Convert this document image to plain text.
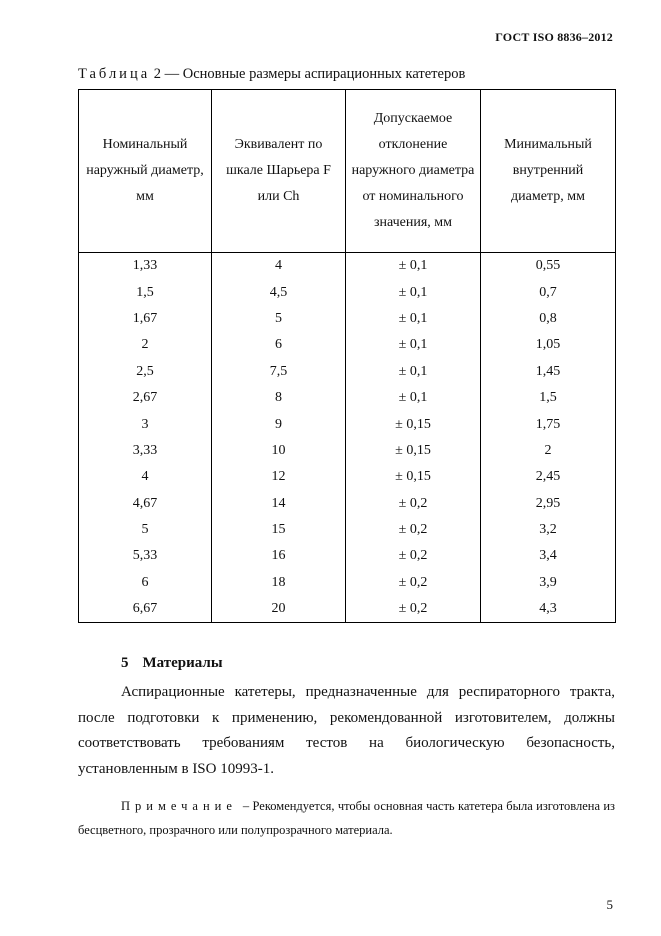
ГОСТ ISO 8836–2012
Таблица 2 — Основные размеры аспирационных катетеров
Номинальный наружный диаметр, мм	Эквивалент по шкале Шарьера F или Ch	Допускаемое отклонение наружного диаметра от номинального значения, мм	Минимальный внутренний диаметр, мм
1,33	4	± 0,1	0,55
1,5	4,5	± 0,1	0,7
1,67	5	± 0,1	0,8
2	6	± 0,1	1,05
2,5	7,5	± 0,1	1,45
2,67	8	± 0,1	1,5
3	9	± 0,15	1,75
3,33	10	± 0,15	2
4	12	± 0,15	2,45
4,67	14	± 0,2	2,95
5	15	± 0,2	3,2
5,33	16	± 0,2	3,4
6	18	± 0,2	3,9
6,67	20	± 0,2	4,3
5 Материалы
Аспирационные катетеры, предназначенные для респираторного тракта, после подготовки к применению, рекомендованной изготовителем, должны соответствовать требованиям тестов на биологическую безопасность, установленным в ISO 10993-1.
Примечание – Рекомендуется, чтобы основная часть катетера была изготовлена из бесцветного, прозрачного или полупрозрачного материала.
5
